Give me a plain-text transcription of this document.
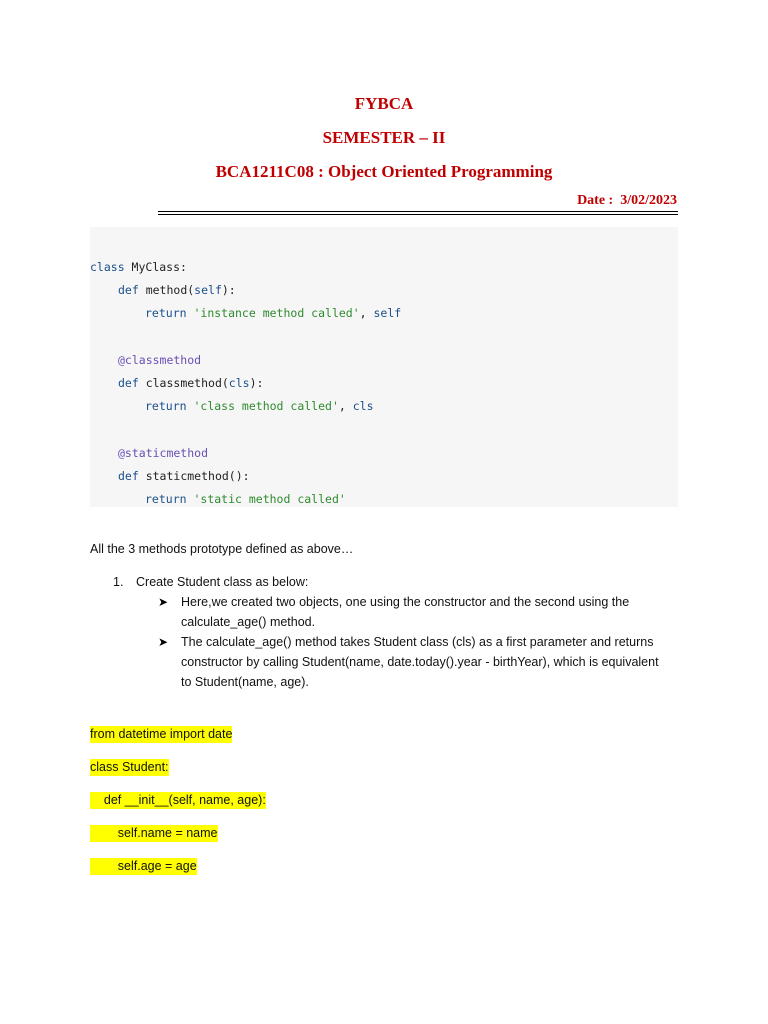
FYBCA
SEMESTER – II
BCA1211C08 : Object Oriented Programming
Date :  3/02/2023
class MyClass:
def method(self):
return 'instance method called', self
@classmethod
def classmethod(cls):
return 'class method called', cls
@staticmethod
def staticmethod():
return 'static method called'
All the 3 methods prototype defined as above…
1. Create Student class as below:
➤ Here,we created two objects, one using the constructor and the second using the
calculate_age() method.
➤ The calculate_age() method takes Student class (cls) as a first parameter and returns
constructor by calling Student(name, date.today().year - birthYear), which is equivalent
to Student(name, age).
from datetime import date
class Student:
def __init__(self, name, age):
self.name = name
self.age = age
